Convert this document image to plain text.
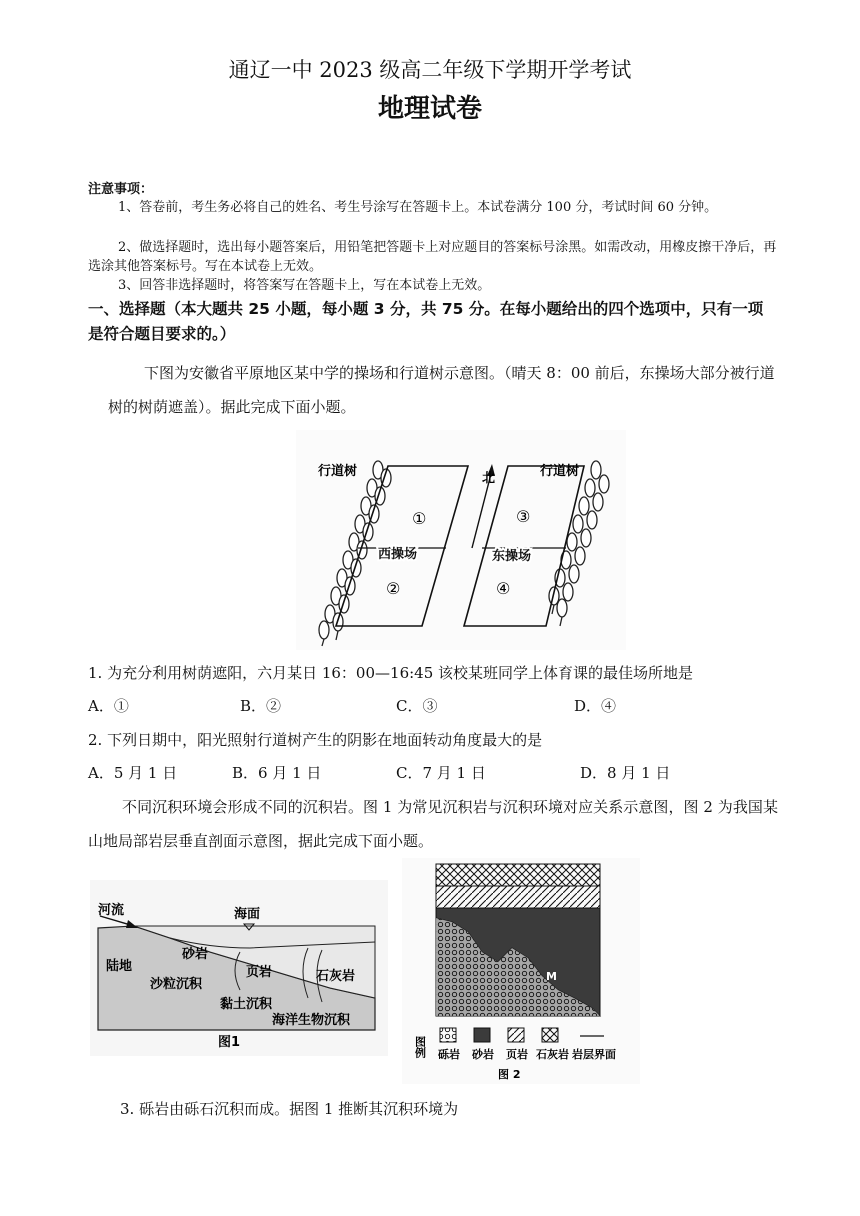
通辽一中 2023 级高二年级下学期开学考试
地理试卷
注意事项：
1、答卷前，考生务必将自己的姓名、考生号涂写在答题卡上。本试卷满分 100 分，考试时间 60 分钟。
2、做选择题时，选出每小题答案后，用铅笔把答题卡上对应题目的答案标号涂黑。如需改动，用橡皮擦干净后，再选涂其他答案标号。写在本试卷上无效。
3、回答非选择题时，将答案写在答题卡上，写在本试卷上无效。
一、选择题（本大题共 25 小题，每小题 3 分，共 75 分。在每小题给出的四个选项中，只有一项是符合题目要求的。）
下图为安徽省平原地区某中学的操场和行道树示意图。（晴天 8：00 前后，东操场大部分被行道树的树荫遮盖）。据此完成下面小题。
行道树	行道树
北
西操场	东操场
①
②
③
④
1. 为充分利用树荫遮阳，六月某日 16：00—16:45 该校某班同学上体育课的最佳场所地是
A．①	B．②	C．③	D．④
2. 下列日期中，阳光照射行道树产生的阴影在地面转动角度最大的是
A．5 月 1 日	B．6 月 1 日	C．7 月 1 日	D．8 月 1 日
不同沉积环境会形成不同的沉积岩。图 1 为常见沉积岩与沉积环境对应关系示意图，图 2 为我国某山地局部岩层垂直剖面示意图，据此完成下面小题。
河流	海面
陆地
砂岩
页岩	石灰岩
沙粒沉积
黏土沉积
海洋生物沉积
图1
M
图例 砾岩 砂岩 页岩 石灰岩 岩层界面
图 2
3. 砾岩由砾石沉积而成。据图 1 推断其沉积环境为
